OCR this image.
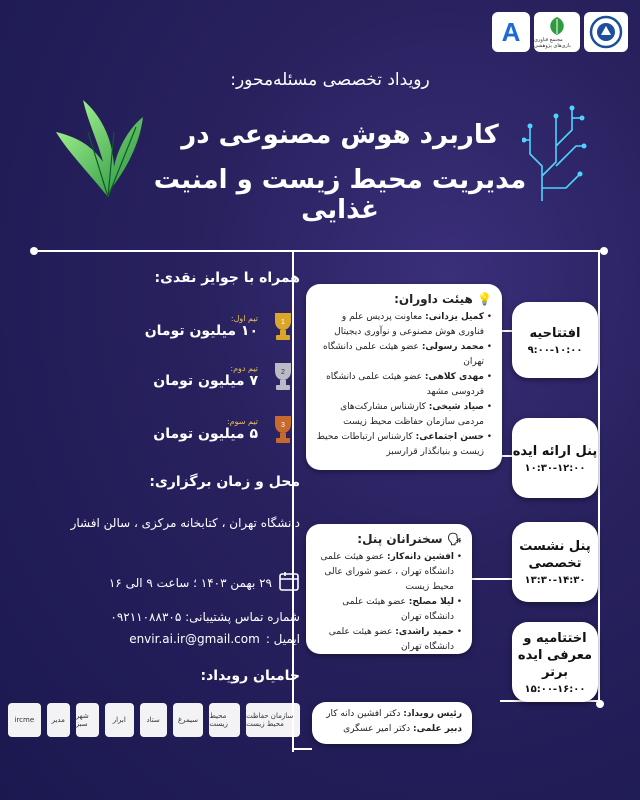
A	مجتمع فناوری بازی‌های پژوهشی
رویداد تخصصی مسئله‌محور:
کاربرد هوش مصنوعی در
مدیریت محیط زیست و امنیت غذایی
همراه با جوایز نقدی:
1
تیم اول:
۱۰ میلیون تومان
2
تیم دوم:
۷ میلیون تومان
3
تیم سوم:
۵ میلیون تومان
محل و زمان برگزاری:
دانشگاه تهران ، کتابخانه مرکزی ، سالن افشار
۲۹ بهمن ۱۴۰۳ ؛ ساعت ۹ الی ۱۶
شماره تماس پشتیبانی: ۰۹۲۱۱۰۸۸۳۰۵
ایمیل :
envir.ai.ir@gmail.com
حامیان رویداد:
ircme	مدیر	شهر سبز	ابرار	ستاد	سیمرغ	محیط زیست
سازمان حفاظت محیط زیست
💡 هیئت داوران:
• کمیل یزدانی: معاونت پردیس علم و فناوری هوش مصنوعی و نوآوری دیجیتال
• محمد رسولی: عضو هیئت علمی دانشگاه تهران
• مهدی کلاهی: عضو هیئت علمی دانشگاه فردوسی مشهد
• صیاد شیخی: کارشناس مشارکت‌های مردمی سازمان حفاظت محیط زیست
• حسن اجتماعی: کارشناس ارتباطات محیط زیست و بنیانگذار قرارسبز
🗣 سخنرانان پنل:
• افشین دانه‌کار: عضو هیئت علمی دانشگاه تهران ، عضو شورای عالی محیط زیست
• لیلا مصلح: عضو هیئت علمی دانشگاه تهران
• حمید راشدی: عضو هیئت علمی دانشگاه تهران
رئیس رویداد: دکتر افشین دانه کار
دبیر علمی: دکتر امیر عسگری
افتتاحیه
۹:۰۰-۱۰:۰۰
پنل ارائه ایده
۱۰:۳۰-۱۲:۰۰
پنل نشست تخصصی
۱۳:۳۰-۱۴:۳۰
اختتامیه و معرفی ایده برتر
۱۵:۰۰-۱۶:۰۰
